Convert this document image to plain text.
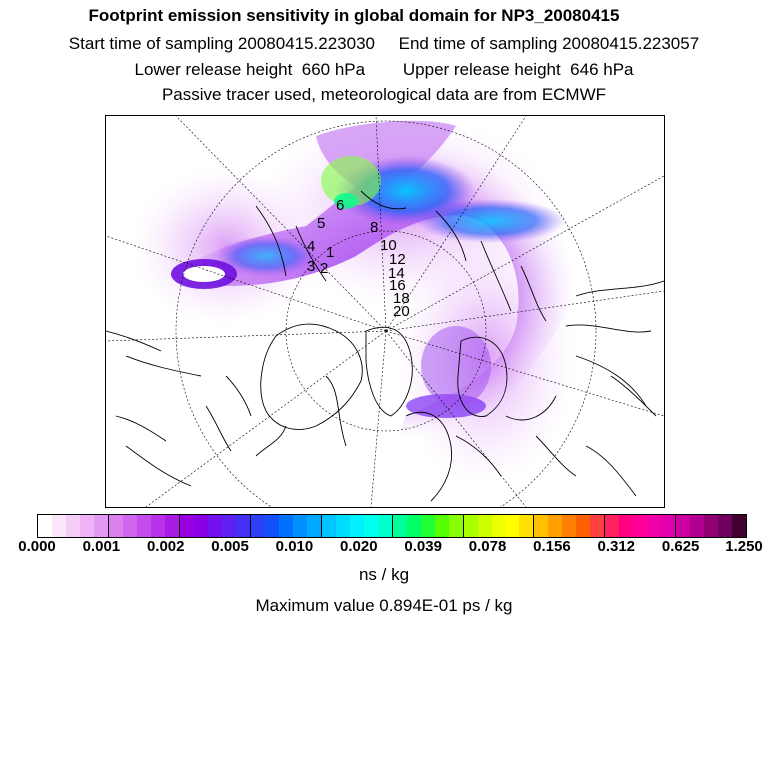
Footprint emission sensitivity in global domain for NP3_20080415
Start time of sampling 20080415.223030     End time of sampling 20080415.223057
Lower release height  660 hPa        Upper release height  646 hPa
Passive tracer used, meteorological data are from ECMWF
1
2
3
4
5
6
8
10
12
14
16
18
20
0.000 0.001 0.002 0.005 0.010 0.020 0.039 0.078 0.156 0.312 0.625 1.250
ns / kg
Maximum value 0.894E-01 ps / kg
